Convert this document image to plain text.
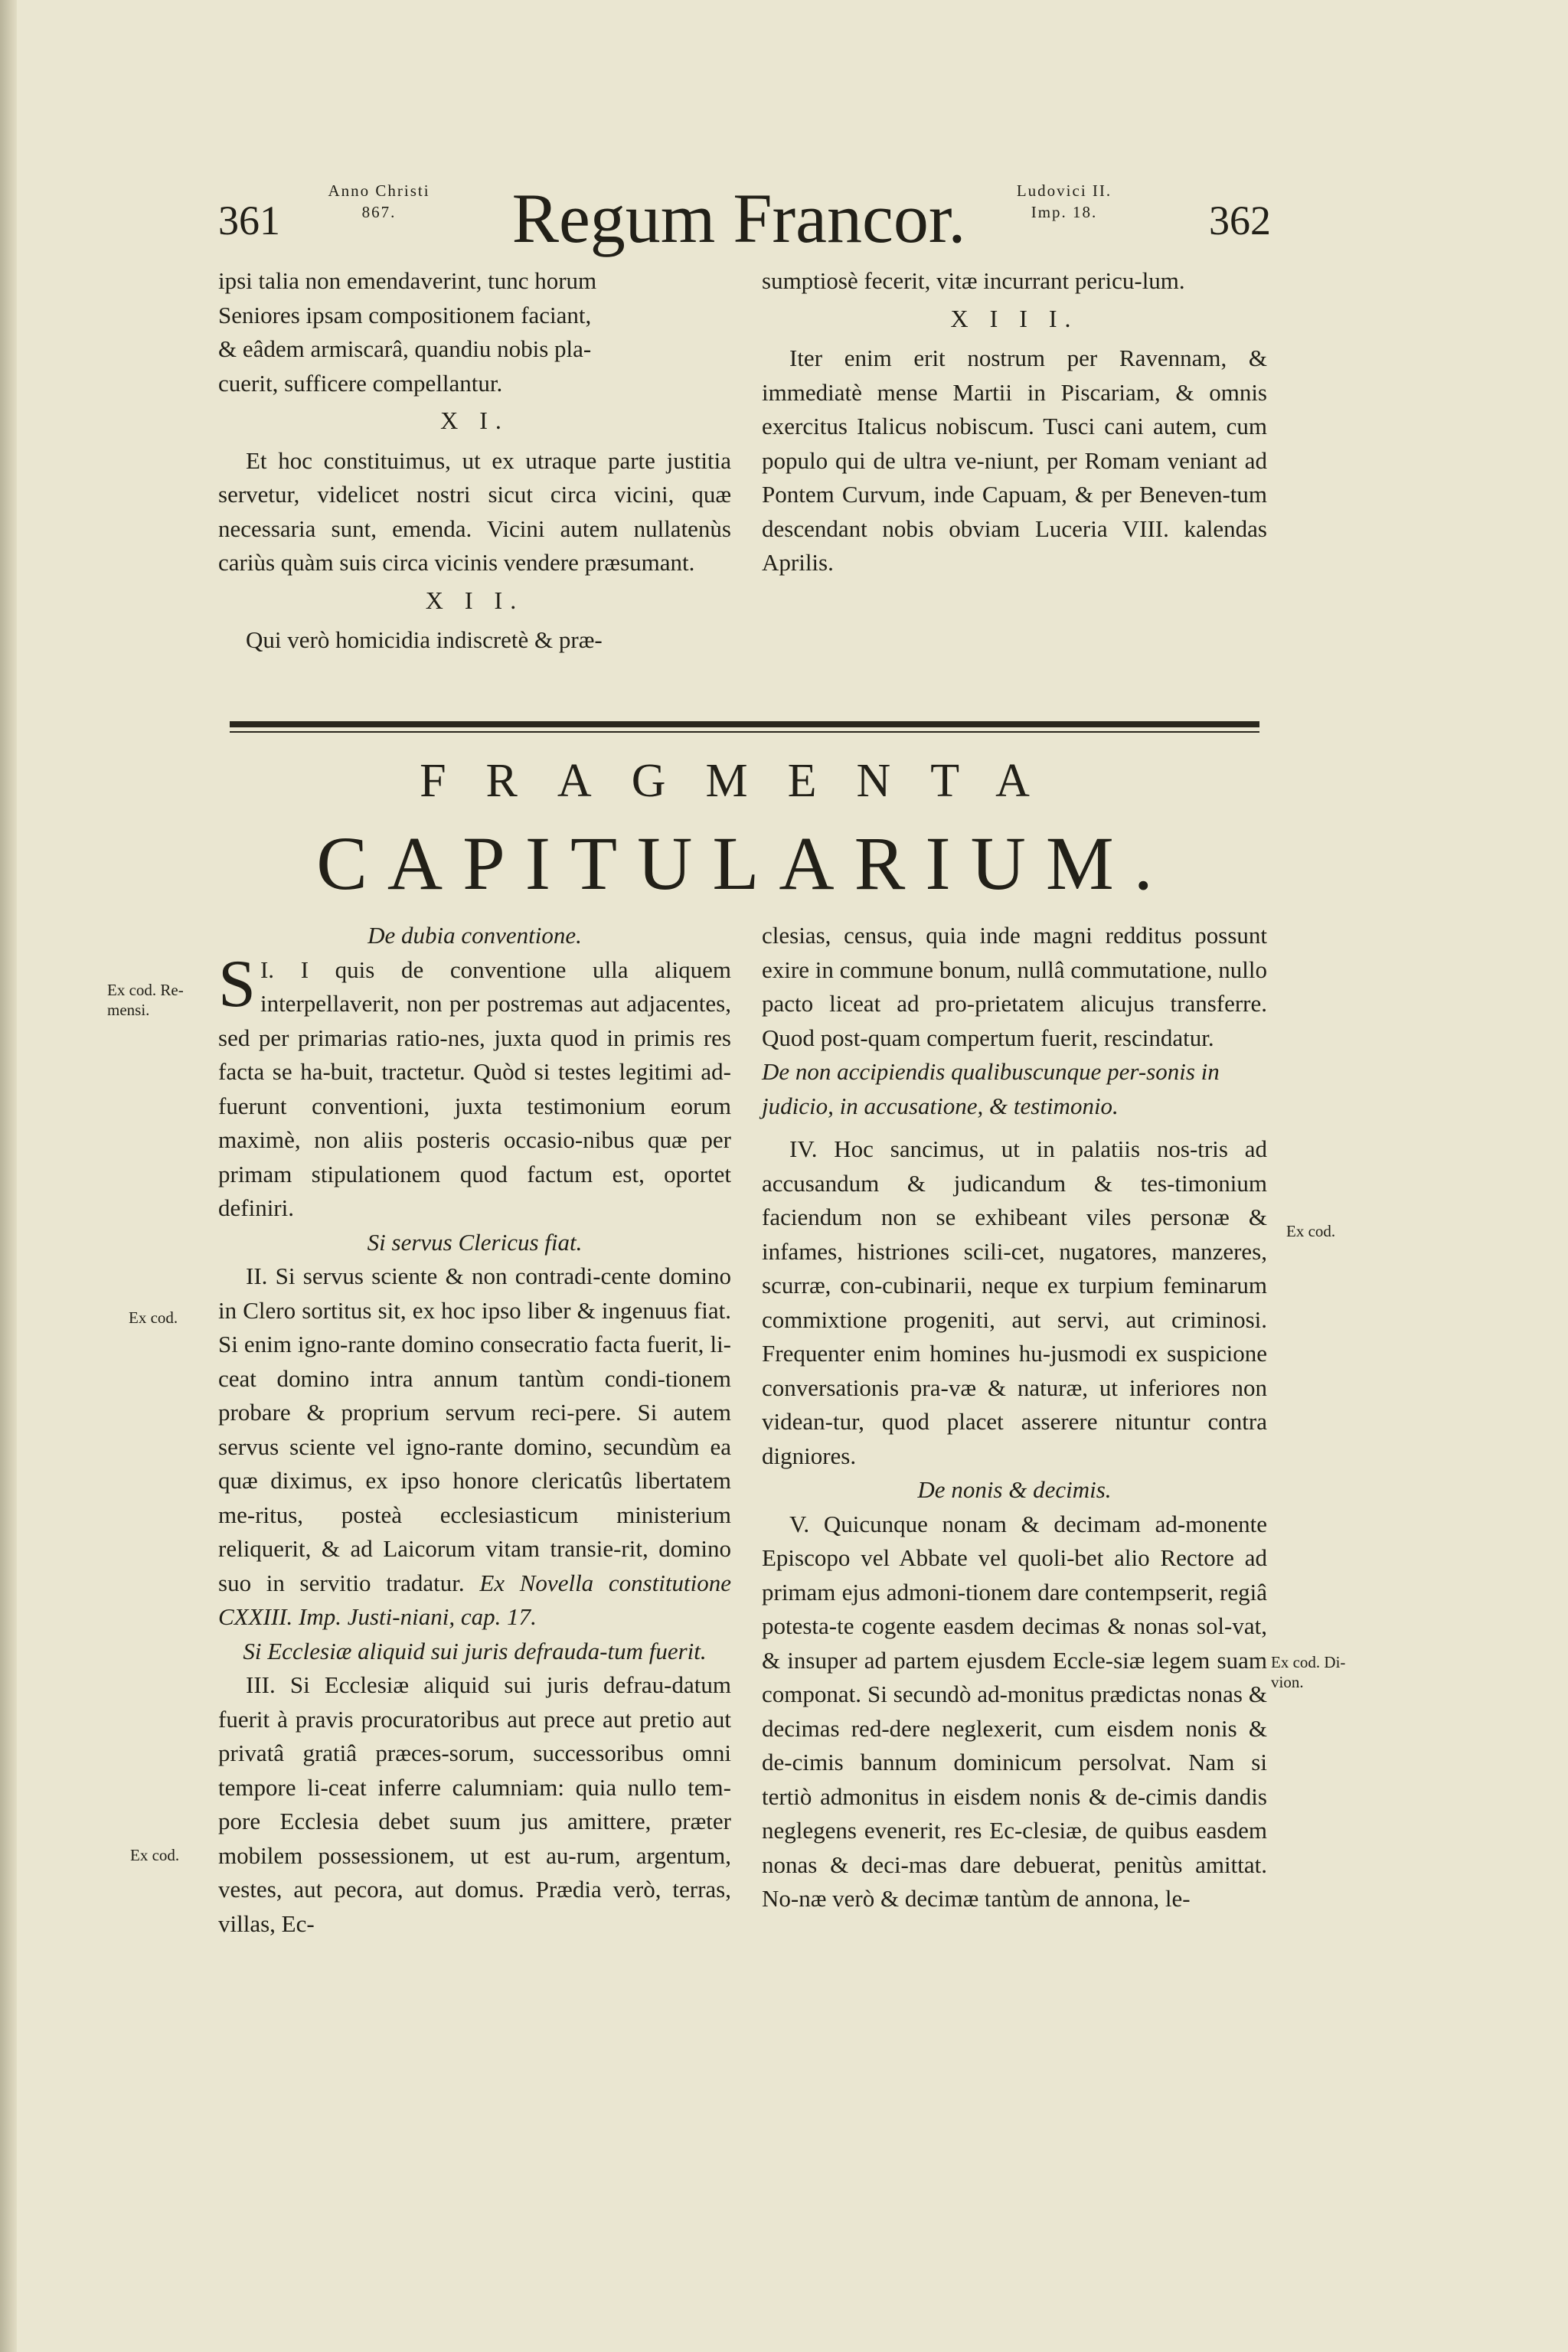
361
Anno Christi
867.	Regum Francor.	Ludovici II.
Imp. 18.	362
ipsi talia non emendaverint, tunc horum
Seniores ipsam compositionem faciant,
& eâdem armiscarâ, quandiu nobis pla-
cuerit, sufficere compellantur.
X I.

Et hoc constituimus, ut ex utraque parte justitia servetur, videlicet nostri sicut circa vicini, quæ necessaria sunt, emenda. Vicini autem nullatenùs cariùs quàm suis circa vicinis vendere præsumant.

X I I.

Qui verò homicidia indiscretè & præ-

sumptiosè fecerit, vitæ incurrant pericu-lum.

X I I I.

Iter enim erit nostrum per Ravennam, & immediatè mense Martii in Piscariam, & omnis exercitus Italicus nobiscum. Tusci cani autem, cum populo qui de ultra ve-niunt, per Romam veniant ad Pontem Curvum, inde Capuam, & per Beneven-tum descendant nobis obviam Luceria VIII. kalendas Aprilis.

FRAGMENTA
CAPITULARIUM.
De dubia conventione.

I.
S I quis de conventione ulla aliquem interpellaverit, non per postremas aut adjacentes, sed per primarias ratio-nes, juxta quod in primis res facta se ha-buit, tractetur. Quòd si testes legitimi ad-fuerunt conventioni, juxta testimonium eorum maximè, non aliis posteris occasio-nibus quæ per primam stipulationem quod factum est, oportet definiri.

Si servus Clericus fiat.

II. Si servus sciente & non contradi-cente domino in Clero sortitus sit, ex hoc ipso liber & ingenuus fiat. Si enim igno-rante domino consecratio facta fuerit, li-ceat domino intra annum tantùm condi-tionem probare & proprium servum reci-pere. Si autem servus sciente vel igno-rante domino, secundùm ea quæ diximus, ex ipso honore clericatûs libertatem me-ritus, posteà ecclesiasticum ministerium reliquerit, & ad Laicorum vitam transie-rit, domino suo in servitio tradatur. Ex Novella constitutione CXXIII. Imp. Justi-niani, cap. 17.

Si Ecclesiæ aliquid sui juris defrauda-tum fuerit.

III. Si Ecclesiæ aliquid sui juris defrau-datum fuerit à pravis procuratoribus aut prece aut pretio aut privatâ gratiâ præces-sorum, successoribus omni tempore li-ceat inferre calumniam: quia nullo tem-pore Ecclesia debet suum jus amittere, præter mobilem possessionem, ut est au-rum, argentum, vestes, aut pecora, aut domus. Prædia verò, terras, villas, Ec-

clesias, census, quia inde magni redditus possunt exire in commune bonum, nullâ commutatione, nullo pacto liceat ad pro-prietatem alicujus transferre. Quod post-quam compertum fuerit, rescindatur.

De non accipiendis qualibuscunque per-sonis in judicio, in accusatione, & testimonio.

IV. Hoc sancimus, ut in palatiis nos-tris ad accusandum & judicandum & tes-timonium faciendum non se exhibeant viles personæ & infames, histriones scili-cet, nugatores, manzeres, scurræ, con-cubinarii, neque ex turpium feminarum commixtione progeniti, aut servi, aut criminosi. Frequenter enim homines hu-jusmodi ex suspicione conversationis pra-væ & naturæ, ut inferiores non videan-tur, quod placet asserere nituntur contra digniores.

De nonis & decimis.

V. Quicunque nonam & decimam ad-monente Episcopo vel Abbate vel quoli-bet alio Rectore ad primam ejus admoni-tionem dare contempserit, regiâ potesta-te cogente easdem decimas & nonas sol-vat, & insuper ad partem ejusdem Eccle-siæ legem suam componat. Si secundò ad-monitus prædictas nonas & decimas red-dere neglexerit, cum eisdem nonis & de-cimis bannum dominicum persolvat. Nam si tertiò admonitus in eisdem nonis & de-cimis dandis neglegens evenerit, res Ec-clesiæ, de quibus easdem nonas & deci-mas dare debuerat, penitùs amittat. No-næ verò & decimæ tantùm de annona, le-

Ex cod. Re-
mensi.
Ex cod.
Ex cod.
Ex cod.
Ex cod. Di-
vion.
